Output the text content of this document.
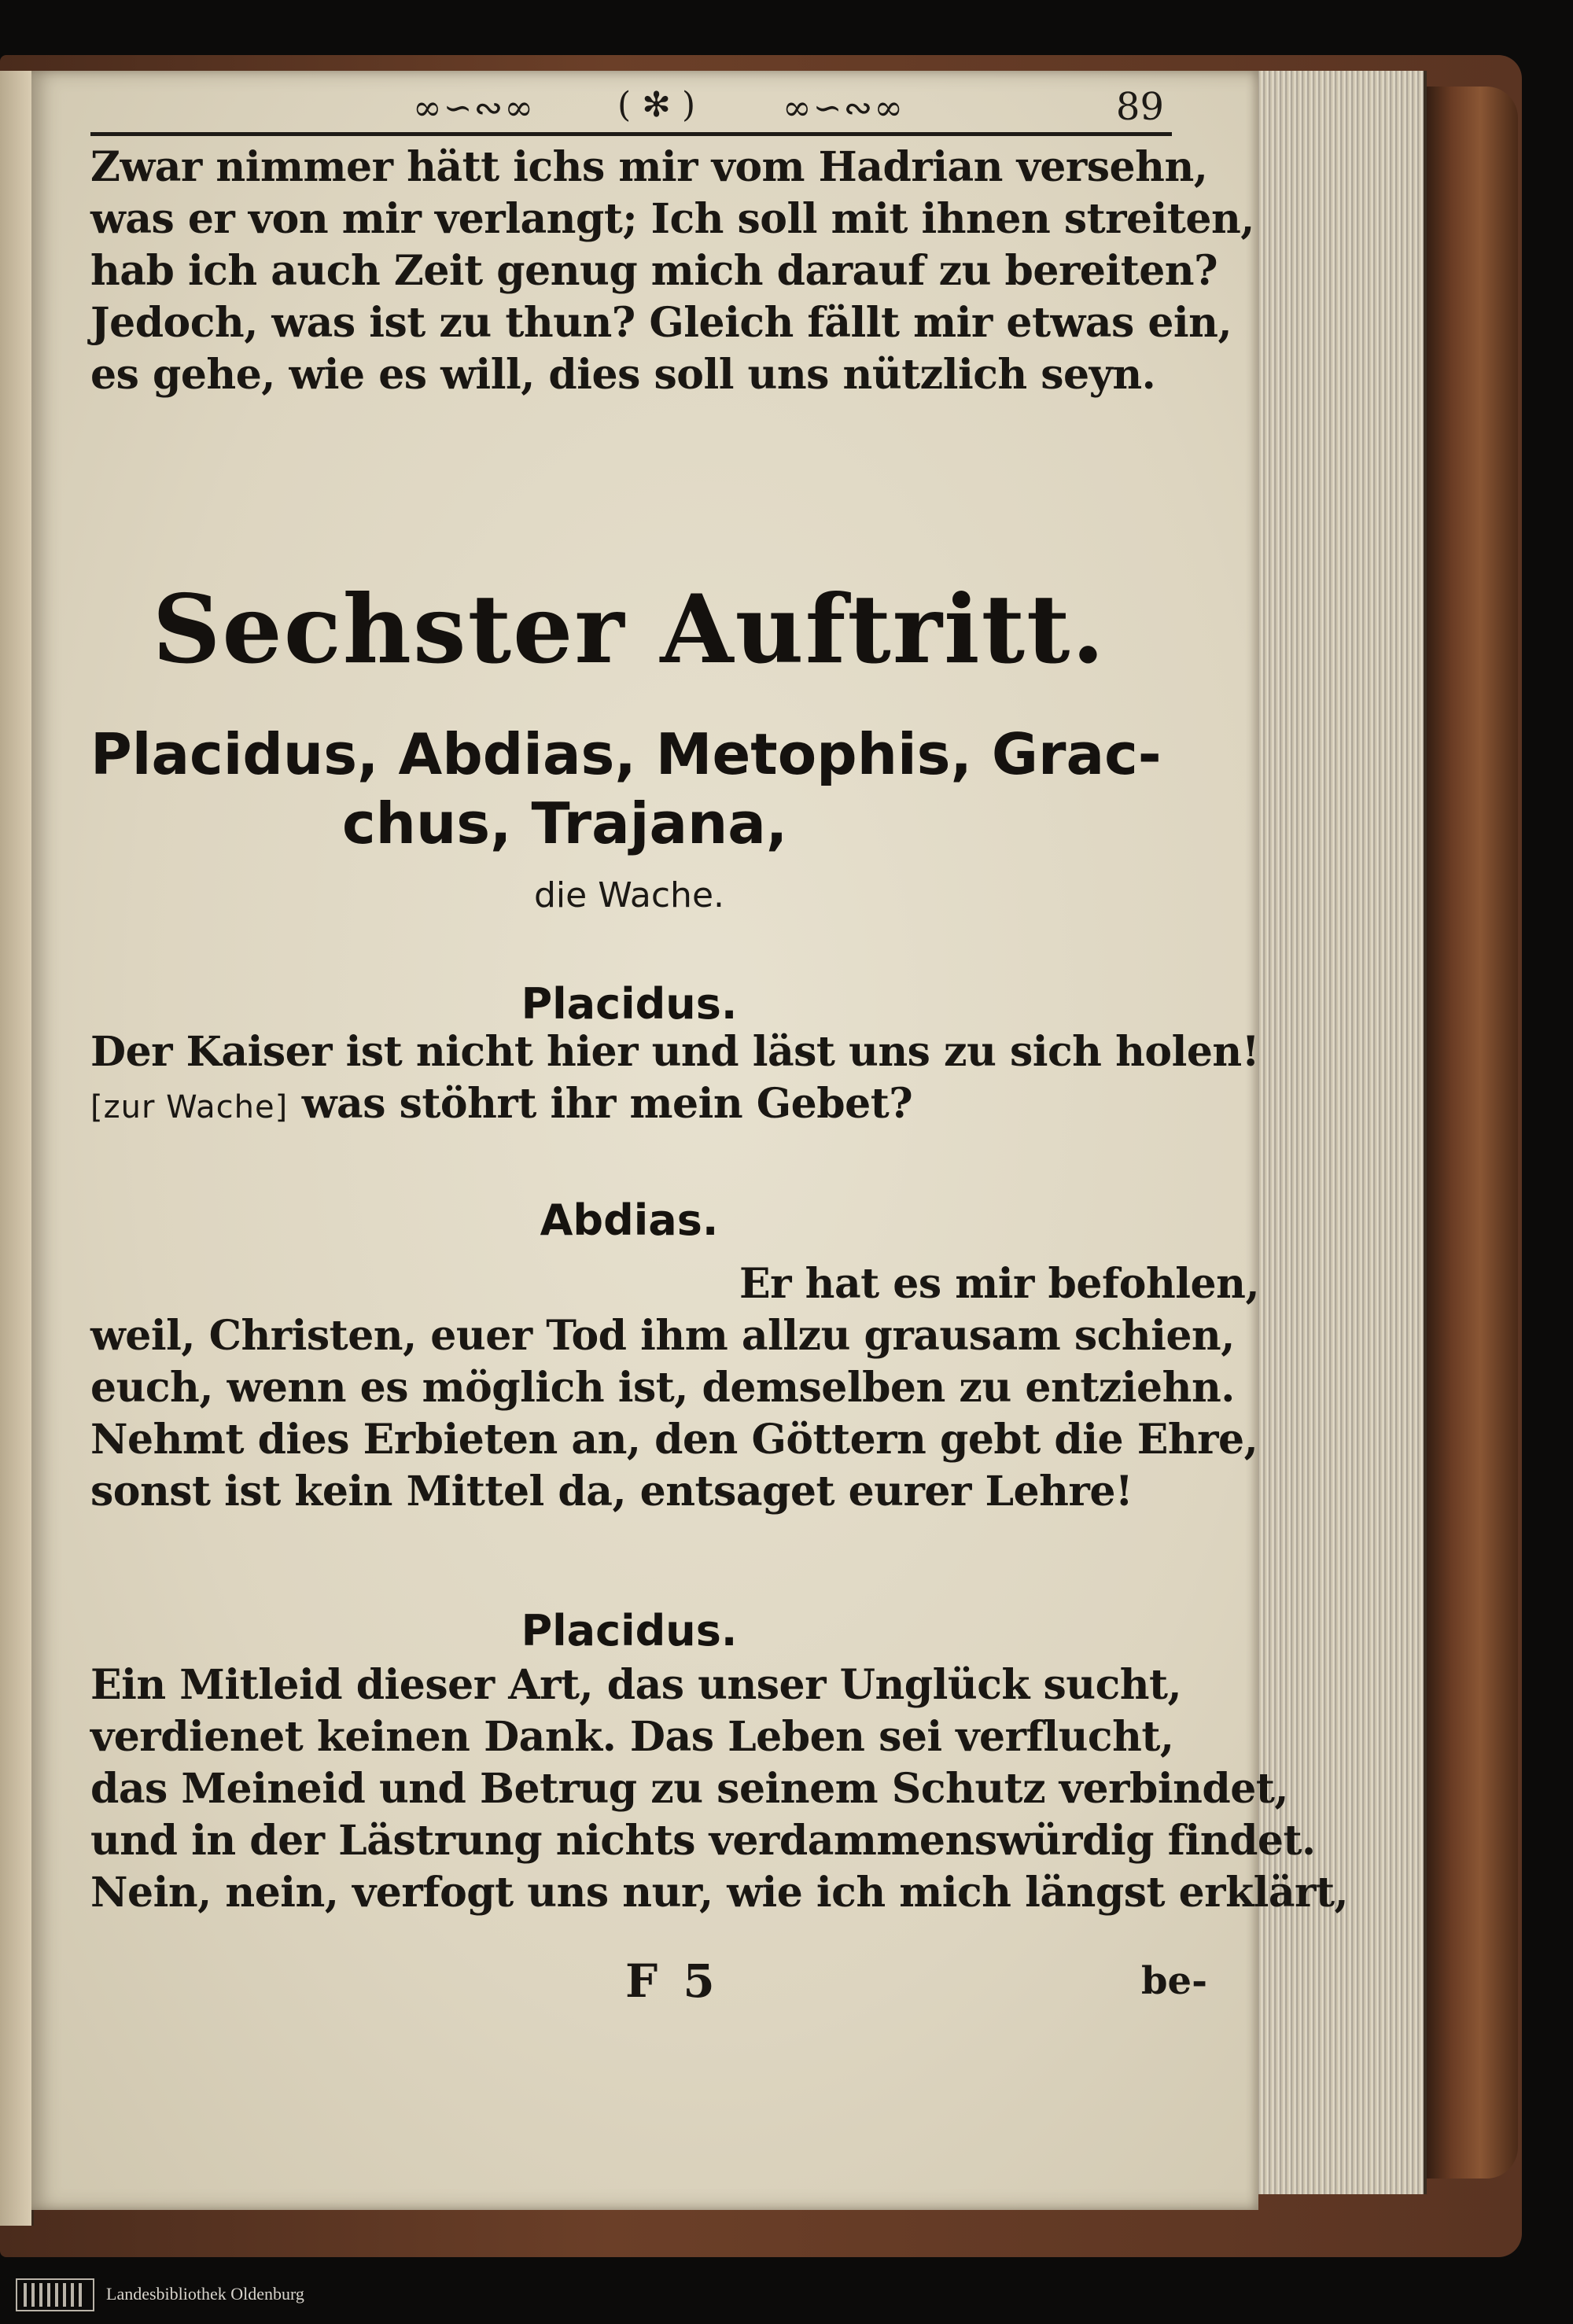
∞∽∾∞ ( ✻ )	∞∽∾∞	89

Zwar nimmer hätt ichs mir vom Hadrian versehn,

was er von mir verlangt; Ich soll mit ihnen streiten,

hab ich auch Zeit genug mich darauf zu bereiten?

Jedoch, was ist zu thun? Gleich fällt mir etwas ein,

es gehe, wie es will, dies soll uns nützlich seyn.

Sechster Auftritt.
Placidus, Abdias, Metophis, Grac-
chus, Trajana,
die Wache.
Placidus.

Der Kaiser ist nicht hier und läst uns zu sich holen!

[zur Wache] was stöhrt ihr mein Gebet?

Abdias.

Er hat es mir befohlen,

weil, Christen, euer Tod ihm allzu grausam schien,

euch, wenn es möglich ist, demselben zu entziehn.

Nehmt dies Erbieten an, den Göttern gebt die Ehre,

sonst ist kein Mittel da, entsaget eurer Lehre!

Placidus.

Ein Mitleid dieser Art, das unser Unglück sucht,

verdienet keinen Dank. Das Leben sei verflucht,

das Meineid und Betrug zu seinem Schutz verbindet,

und in der Lästrung nichts verdammenswürdig findet.

Nein, nein, verfogt uns nur, wie ich mich längst erklärt,

F 5	be-
Landesbibliothek Oldenburg
